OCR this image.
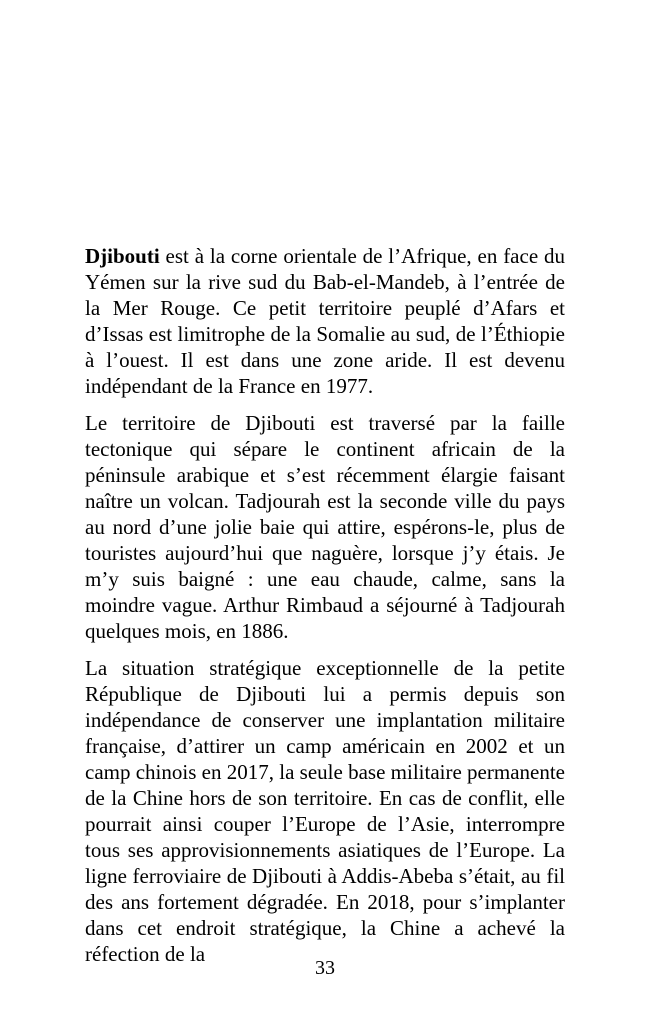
Djibouti est à la corne orientale de l’Afrique, en face du Yémen sur la rive sud du Bab-el-Mandeb, à l’entrée de la Mer Rouge. Ce petit territoire peuplé d’Afars et d’Issas est limitrophe de la Somalie au sud, de l’Éthiopie à l’ouest. Il est dans une zone aride. Il est devenu indépendant de la France en 1977.

Le territoire de Djibouti est traversé par la faille tectonique qui sépare le continent africain de la péninsule arabique et s’est récemment élargie faisant naître un volcan. Tadjourah est la seconde ville du pays au nord d’une jolie baie qui attire, espérons-le, plus de touristes aujourd’hui que naguère, lorsque j’y étais. Je m’y suis baigné : une eau chaude, calme, sans la moindre vague. Arthur Rimbaud a séjourné à Tadjourah quelques mois, en 1886.

La situation stratégique exceptionnelle de la petite République de Djibouti lui a permis depuis son indépendance de conserver une implantation militaire française, d’attirer un camp américain en 2002 et un camp chinois en 2017, la seule base militaire permanente de la Chine hors de son territoire. En cas de conflit, elle pourrait ainsi couper l’Europe de l’Asie, interrompre tous ses approvisionnements asiatiques de l’Europe. La ligne ferroviaire de Djibouti à Addis-Abeba s’était, au fil des ans fortement dégradée. En 2018, pour s’implanter dans cet endroit stratégique, la Chine a achevé la réfection de la

33
